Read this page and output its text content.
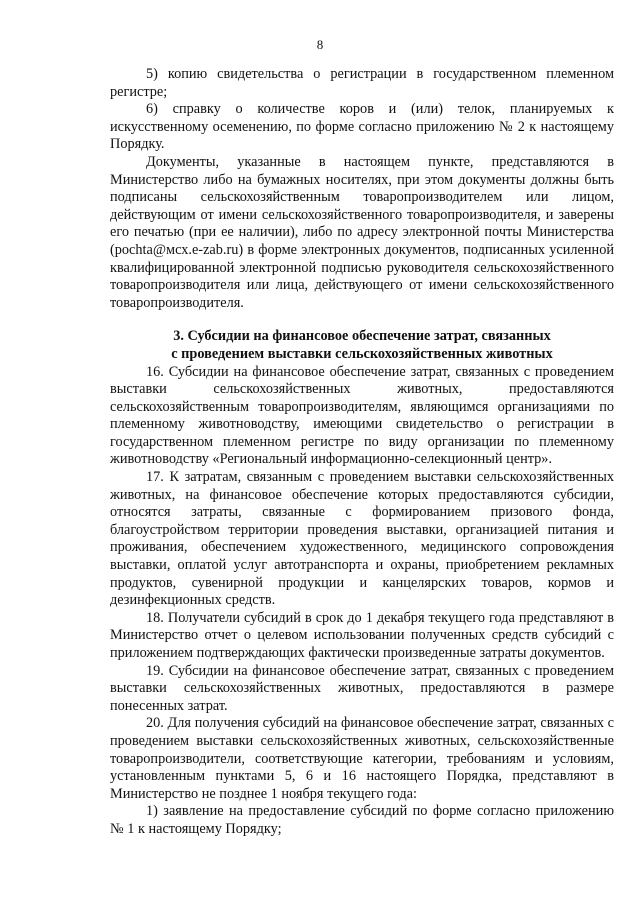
8

5) копию свидетельства о регистрации в государственном племенном регистре;

6) справку о количестве коров и (или) телок, планируемых к искусственному осеменению, по форме согласно приложению № 2 к настоящему Порядку.

Документы, указанные в настоящем пункте, представляются в Министерство либо на бумажных носителях, при этом документы должны быть подписаны сельскохозяйственным товаропроизводителем или лицом, действующим от имени сельскохозяйственного товаропроизводителя, и заверены его печатью (при ее наличии), либо по адресу электронной почты Министерства (pochta@мсх.e-zab.ru) в форме электронных документов, подписанных усиленной квалифицированной электронной подписью руководителя сельскохозяйственного товаропроизводителя или лица, действующего от имени сельскохозяйственного товаропроизводителя.

3. Субсидии на финансовое обеспечение затрат, связанных
с проведением выставки сельскохозяйственных животных

16. Субсидии на финансовое обеспечение затрат, связанных с проведением выставки сельскохозяйственных животных, предоставляются сельскохозяйственным товаропроизводителям, являющимся организациями по племенному животноводству, имеющими свидетельство о регистрации в государственном племенном регистре по виду организации по племенному животноводству «Региональный информационно-селекционный центр».

17. К затратам, связанным с проведением выставки сельскохозяйственных животных, на финансовое обеспечение которых предоставляются субсидии, относятся затраты, связанные с формированием призового фонда, благоустройством территории проведения выставки, организацией питания и проживания, обеспечением художественного, медицинского сопровождения выставки, оплатой услуг автотранспорта и охраны, приобретением рекламных продуктов, сувенирной продукции и канцелярских товаров, кормов и дезинфекционных средств.

18. Получатели субсидий в срок до 1 декабря текущего года представляют в Министерство отчет о целевом использовании полученных средств субсидий с приложением подтверждающих фактически произведенные затраты документов.

19. Субсидии на финансовое обеспечение затрат, связанных с проведением выставки сельскохозяйственных животных, предоставляются в размере понесенных затрат.

20. Для получения субсидий на финансовое обеспечение затрат, связанных с проведением выставки сельскохозяйственных животных, сельскохозяйственные товаропроизводители, соответствующие категории, требованиям и условиям, установленным пунктами 5, 6 и 16 настоящего Порядка, представляют в Министерство не позднее 1 ноября текущего года:

1) заявление на предоставление субсидий по форме согласно приложению № 1 к настоящему Порядку;
